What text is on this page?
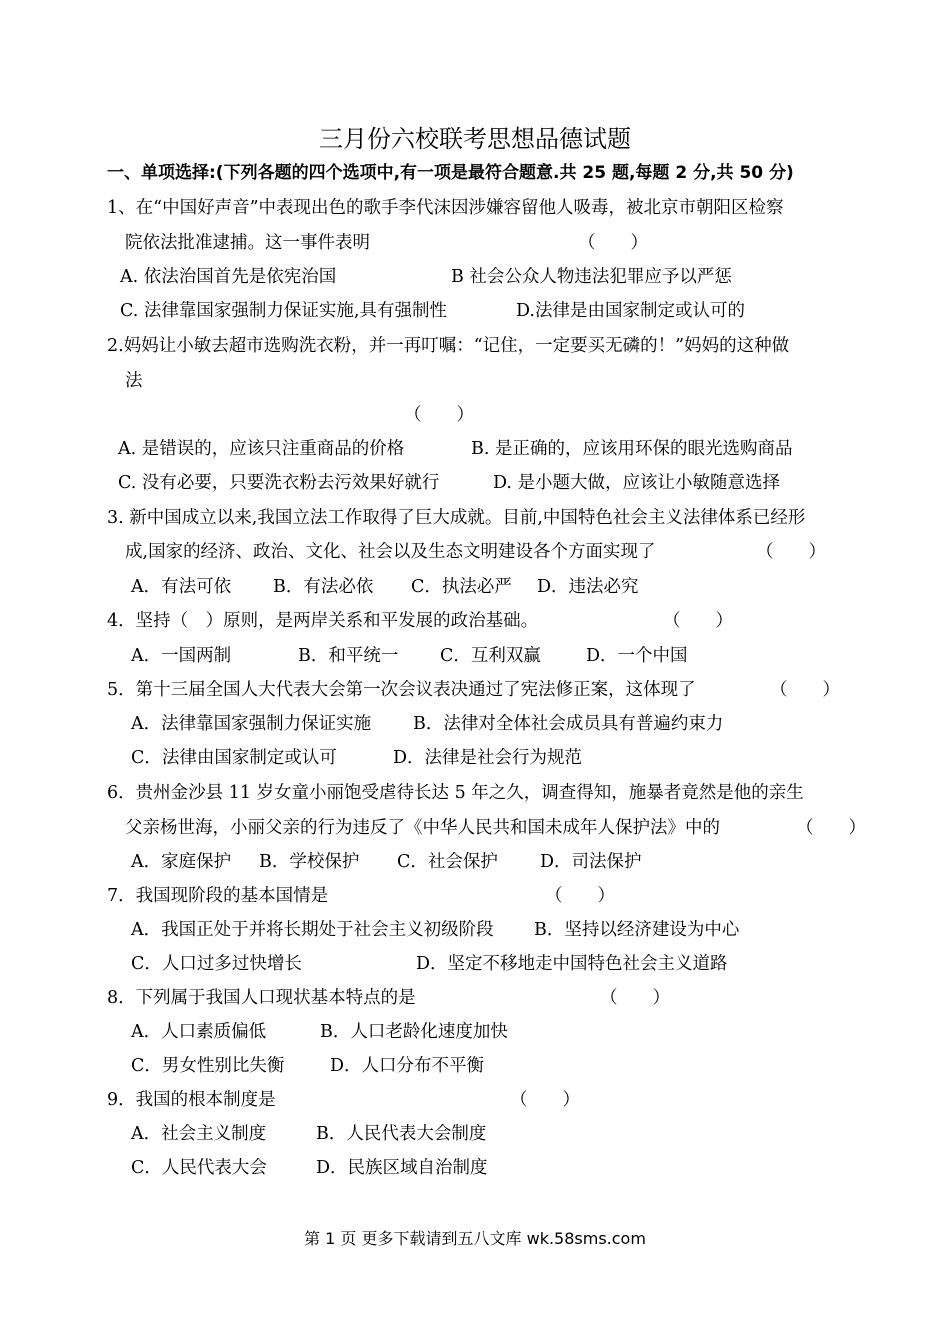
三月份六校联考思想品德试题
一、单项选择:(下列各题的四个选项中,有一项是最符合题意.共 25 题,每题 2 分,共 50 分)
1、在“中国好声音”中表现出色的歌手李代沫因涉嫌容留他人吸毒，被北京市朝阳区检察
院依法批准逮捕。这一事件表明	（　　）
A. 依法治国首先是依宪治国	B 社会公众人物违法犯罪应予以严惩
C. 法律靠国家强制力保证实施,具有强制性	D.法律是由国家制定或认可的
2.妈妈让小敏去超市选购洗衣粉，并一再叮嘱：“记住，一定要买无磷的！”妈妈的这种做
法
（　　）
A. 是错误的，应该只注重商品的价格	B. 是正确的，应该用环保的眼光选购商品
C. 没有必要，只要洗衣粉去污效果好就行	D. 是小题大做，应该让小敏随意选择
3. 新中国成立以来,我国立法工作取得了巨大成就。目前,中国特色社会主义法律体系已经形
成,国家的经济、政治、文化、社会以及生态文明建设各个方面实现了	（　　）
A．有法可依 B．有法必依 C．执法必严 D．违法必究
4．坚持（　）原则，是两岸关系和平发展的政治基础。	（　　）
A．一国两制	B．和平统一 C．互利双赢	D．一个中国
5．第十三届全国人大代表大会第一次会议表决通过了宪法修正案，这体现了	（　　）
A．法律靠国家强制力保证实施 B．法律对全体社会成员具有普遍约束力
C．法律由国家制定或认可	D．法律是社会行为规范
6．贵州金沙县 11 岁女童小丽饱受虐待长达 5 年之久，调查得知，施暴者竟然是他的亲生
父亲杨世海，小丽父亲的行为违反了《中华人民共和国未成年人保护法》中的	（　　）
A．家庭保护 B．学校保护 C．社会保护 D．司法保护
7．我国现阶段的基本国情是	（　　）
A．我国正处于并将长期处于社会主义初级阶段 B．坚持以经济建设为中心
C．人口过多过快增长	D．坚定不移地走中国特色社会主义道路
8．下列属于我国人口现状基本特点的是	（　　）
A．人口素质偏低	B．人口老龄化速度加快
C．男女性别比失衡	D．人口分布不平衡
9．我国的根本制度是	（　　）
A．社会主义制度	B．人民代表大会制度
C．人民代表大会	D．民族区域自治制度
第 1 页 更多下载请到五八文库 wk.58sms.com
